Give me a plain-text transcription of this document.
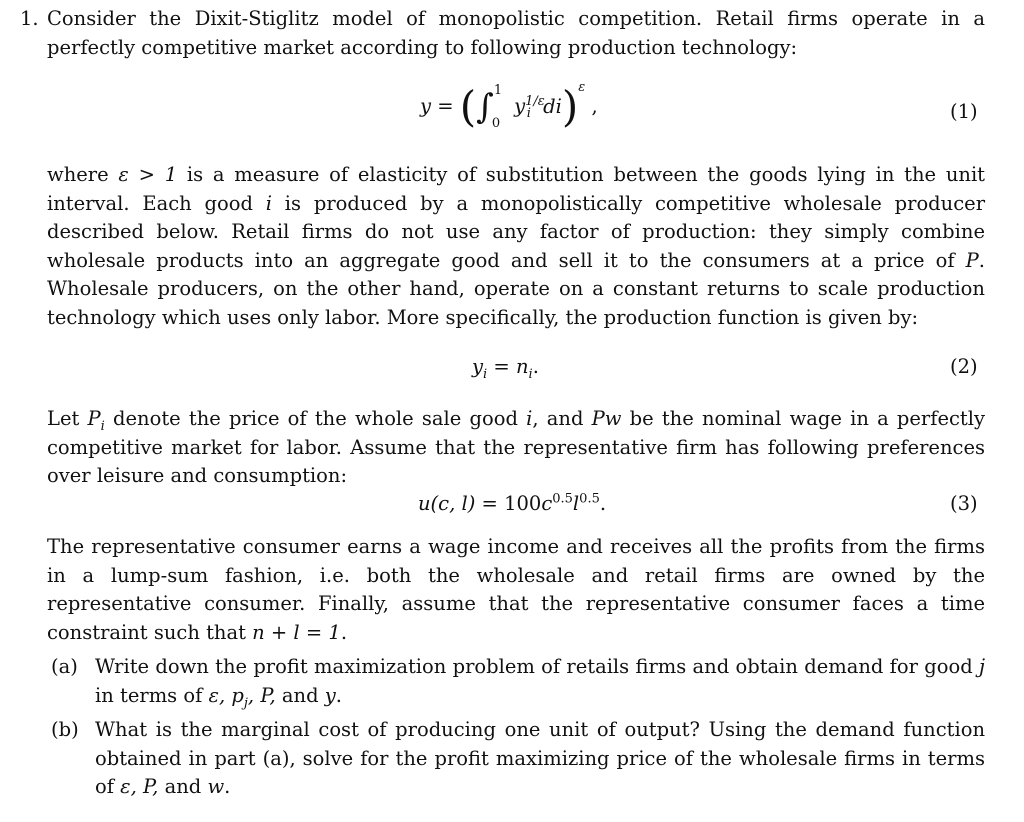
1. Consider the Dixit-Stiglitz model of monopolistic competition. Retail firms operate in a perfectly competitive market according to following production technology:
y = (∫ 1
0
$y^{1/\varepsilon}_i$ di)$^\varepsilon$ ,	(1)
where ε > 1 is a measure of elasticity of substitution between the goods lying in the unit interval. Each good i is produced by a monopolistically competitive wholesale producer described below. Retail firms do not use any factor of production: they simply combine wholesale products into an aggregate good and sell it to the consumers at a price of P. Wholesale producers, on the other hand, operate on a constant returns to scale production technology which uses only labor. More specifically, the production function is given by:
$y_i = n_i$.	(2)
Let $P_i$ denote the price of the whole sale good i, and Pw be the nominal wage in a perfectly competitive market for labor. Assume that the representative firm has following preferences over leisure and consumption:
u(c, $l) = 100c^{0.5}l^{0.5}$.	(3)
The representative consumer earns a wage income and receives all the profits from the firms in a lump-sum fashion, i.e. both the wholesale and retail firms are owned by the representative consumer. Finally, assume that the representative consumer faces a time constraint such that n + l = 1.
(a) Write down the profit maximization problem of retails firms and obtain demand for good j in terms of ε, $p_j$, P, and y.
(b) What is the marginal cost of producing one unit of output? Using the demand function obtained in part (a), solve for the profit maximizing price of the wholesale firms in terms of ε, P, and w.
